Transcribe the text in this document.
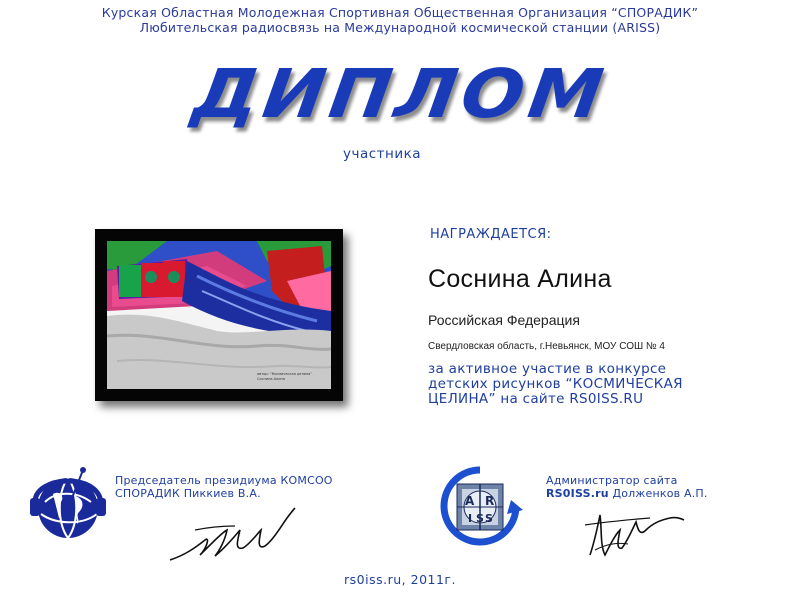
Курская Областная Молодежная Спортивная Общественная Организация “СПОРАДИК”
Любительская радиосвязь на Международной космической станции (ARISS)
ДИПЛОМ
участника
автор: “Космическая целина”
Соснина Алина
НАГРАЖДАЕТСЯ:
Соснина Алина
Российская Федерация
Свердловская область, г.Невьянск, МОУ СОШ № 4
за активное участие в конкурсе
детских рисунков “КОСМИЧЕСКАЯ
ЦЕЛИНА” на сайте RS0ISS.RU
Председатель президиума КОМСОО
СПОРАДИК Пиккиев В.А.
A R
I S S
Администратор сайта
RS0ISS.ru Долженков А.П.
rs0iss.ru, 2011г.
